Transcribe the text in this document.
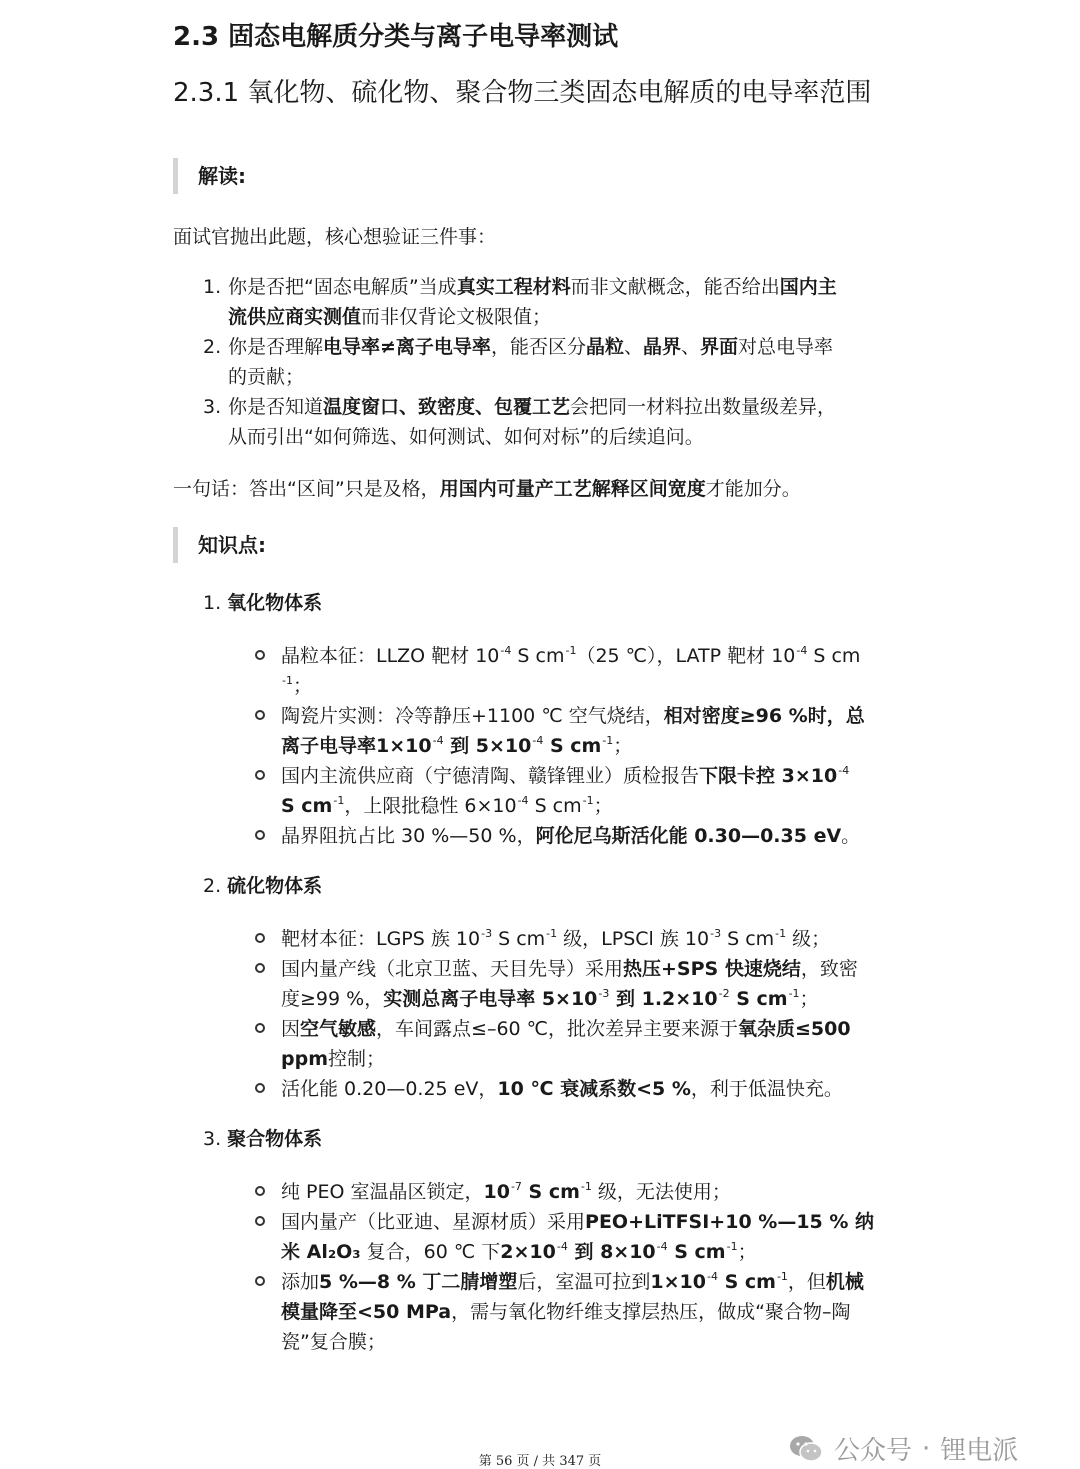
2.3 固态电解质分类与离子电导率测试
2.3.1 氧化物、硫化物、聚合物三类固态电解质的电导率范围
解读:

面试官抛出此题，核心想验证三件事：

1. 你是否把“固态电解质”当成真实工程材料而非文献概念，能否给出国内主
流供应商实测值而非仅背论文极限值；
2. 你是否理解电导率≠离子电导率，能否区分晶粒、晶界、界面对总电导率
的贡献；
3. 你是否知道温度窗口、致密度、包覆工艺会把同一材料拉出数量级差异，
从而引出“如何筛选、如何测试、如何对标”的后续追问。

一句话：答出“区间”只是及格，用国内可量产工艺解释区间宽度才能加分。

知识点:
1. 氧化物体系
晶粒本征：LLZO 靶材 $10^{-4}$ S $cm^{-1}(25$ ℃），LATP 靶材 $10^{-4}$ S cm
$^{-1}$；
陶瓷片实测：冷等静压+1100 ℃ 空气烧结，相对密度≥96 %时，总
离子电导率$1\times 10^{-4}$ 到 $5\times 10^{-4}$ S $cm^{-1}$；
国内主流供应商（宁德清陶、赣锋锂业）质检报告下限卡控 $3\times 10^{-4}$
S $cm^{-1}$，上限批稳性 $6\times 10^{-4}$ S $cm^{-1}$；
晶界阻抗占比 30 %—50 %，阿伦尼乌斯活化能 0.30—0.35 eV。
2. 硫化物体系
靶材本征：LGPS 族 $10^{-3}$ S $cm^{-1}$ 级，LPSCl 族 $10^{-3}$ S $cm^{-1}$ 级；
国内量产线（北京卫蓝、天目先导）采用热压+SPS 快速烧结，致密
度≥99 %，实测总离子电导率 $5\times 10^{-3}$ 到 $1.2\times 10^{-2}$ S $cm^{-1}$；
因空气敏感，车间露点≤–60 ℃，批次差异主要来源于氧杂质≤500
ppm控制；
活化能 0.20—0.25 eV，10 ℃ 衰减系数<5 %，利于低温快充。
3. 聚合物体系
纯 PEO 室温晶区锁定，$10^{-7}$ S $cm^{-1}$ 级，无法使用；
国内量产（比亚迪、星源材质）采用PEO+LiTFSI+10 %—15 % 纳
米 Al₂O₃ 复合，60 ℃ 下$2\times 10^{-4}$ 到 $8\times 10^{-4}$ S $cm^{-1}$；
添加5 %—8 % 丁二腈增塑后，室温可拉到$1\times 10^{-4}$ S $cm^{-1}$，但机械
模量降至<50 MPa，需与氧化物纤维支撑层热压，做成“聚合物–陶
瓷”复合膜；
第 56 页 / 共 347 页	公众号 · 锂电派
